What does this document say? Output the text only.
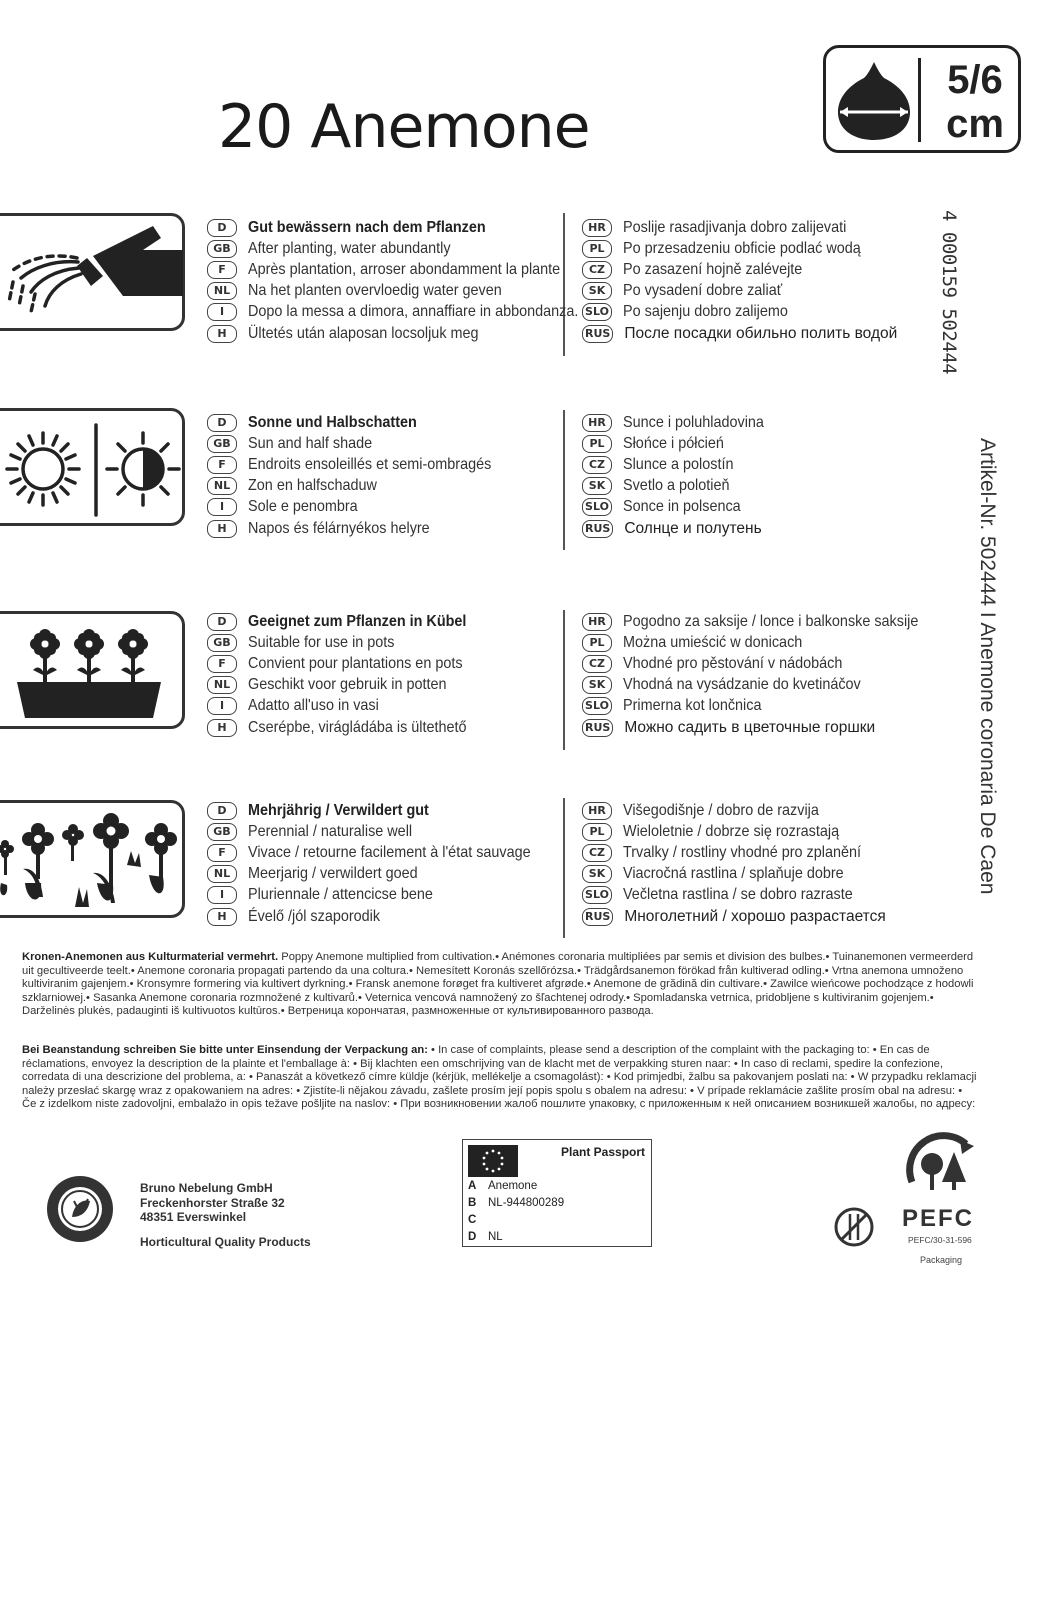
20 Anemone
5/6
cm
4 000159 502444
Artikel-Nr. 502444 I Anemone coronaria De Caen
D	Gut bewässern nach dem Pflanzen
GB	After planting, water abundantly
F	Après plantation, arroser abondamment la plante
NL	Na het planten overvloedig water geven
I	Dopo la messa a dimora, annaffiare in abbondanza.
H	Ültetés után alaposan locsoljuk meg
HR	Poslije rasadjivanja dobro zalijevati
PL	Po przesadzeniu obficie podlać wodą
CZ	Po zasazení hojně zalévejte
SK	Po vysadení dobre zaliať
SLO Po sajenju dobro zalijemo
RUS После посадки обильно полить водой
D	Sonne und Halbschatten
GB	Sun and half shade
F	Endroits ensoleillés et semi-ombragés
NL	Zon en halfschaduw
I	Sole e penombra
H	Napos és félárnyékos helyre
HR	Sunce i poluhladovina
PL	Słońce i półcień
CZ	Slunce a polostín
SK	Svetlo a polotieň
SLO Sonce in polsenca
RUS Солнце и полутень
D	Geeignet zum Pflanzen in Kübel
GB	Suitable for use in pots
F	Convient pour plantations en pots
NL	Geschikt voor gebruik in potten
I	Adatto all'uso in vasi
H	Cserépbe, virágládába is ültethető
HR	Pogodno za saksije / lonce i balkonske saksije
PL	Można umieścić w donicach
CZ	Vhodné pro pěstování v nádobách
SK	Vhodná na vysádzanie do kvetináčov
SLO Primerna kot lončnica
RUS Можно садить в цветочные горшки
D	Mehrjährig / Verwildert gut
GB	Perennial / naturalise well
F	Vivace / retourne facilement à l'état sauvage
NL	Meerjarig / verwildert goed
I	Pluriennale / attencicse bene
H	Évelő /jól szaporodik
HR	Višegodišnje / dobro de razvija
PL	Wieloletnie / dobrze się rozrastają
CZ	Trvalky / rostliny vhodné pro zplanění
SK	Viacročná rastlina / splaňuje dobre
SLO Večletna rastlina / se dobro razraste
RUS Многолетний / хорошо разрастается
Kronen-Anemonen aus Kulturmaterial vermehrt. Poppy Anemone multiplied from cultivation.• Anémones coronaria multipliées par semis et division des bulbes.• Tuinanemonen vermeerderd uit gecultiveerde teelt.• Anemone coronaria propagati partendo da una coltura.• Nemesített Koronás szellőrózsa.• Trädgårdsanemon förökad från kultiverad odling.• Vrtna anemona umnoženo kultiviranim gajenjem.• Kronsymre formering via kultivert dyrkning.• Fransk anemone forøget fra kultiveret afgrøde.• Anemone de grădină din cultivare.• Zawilce wieńcowe pochodzące z hodowli szklarniowej.• Sasanka Anemone coronaria rozmnožené z kultivarů.• Veternica vencová namnožený zo šľachtenej odrody.• Spomladanska vetrnica, pridobljene s kultiviranim gojenjem.• Darželinės plukės, padauginti iš kultivuotos kultūros.• Ветреница корончатая, размноженные от культивированного развода.
Bei Beanstandung schreiben Sie bitte unter Einsendung der Verpackung an: • In case of complaints, please send a description of the complaint with the packaging to: • En cas de réclamations, envoyez la description de la plainte et l'emballage à: • Bij klachten een omschrijving van de klacht met de verpakking sturen naar: • In caso di reclami, spedire la confezione, corredata di una descrizione del problema, a: • Panaszát a következő címre küldje (kérjük, mellékelje a csomagolást): • Kod primjedbi, žalbu sa pakovanjem poslati na: • W przypadku reklamacji należy przesłać skargę wraz z opakowaniem na adres: • Zjistíte-li nějakou závadu, zašlete prosím její popis spolu s obalem na adresu: • V prípade reklamácie zašlite prosím obal na adresu: • Če z izdelkom niste zadovoljni, embalažo in opis težave pošljite na naslov: • При возникновении жалоб пошлите упаковку, с приложенным к ней описанием возникшей жалобы, по адресу:
Bruno Nebelung GmbH
Freckenhorster Straße 32
48351 Everswinkel
Horticultural Quality Products
Plant Passport
A Anemone
B NL-944800289
C
D NL
PEFC
PEFC/30-31-596
Packaging
